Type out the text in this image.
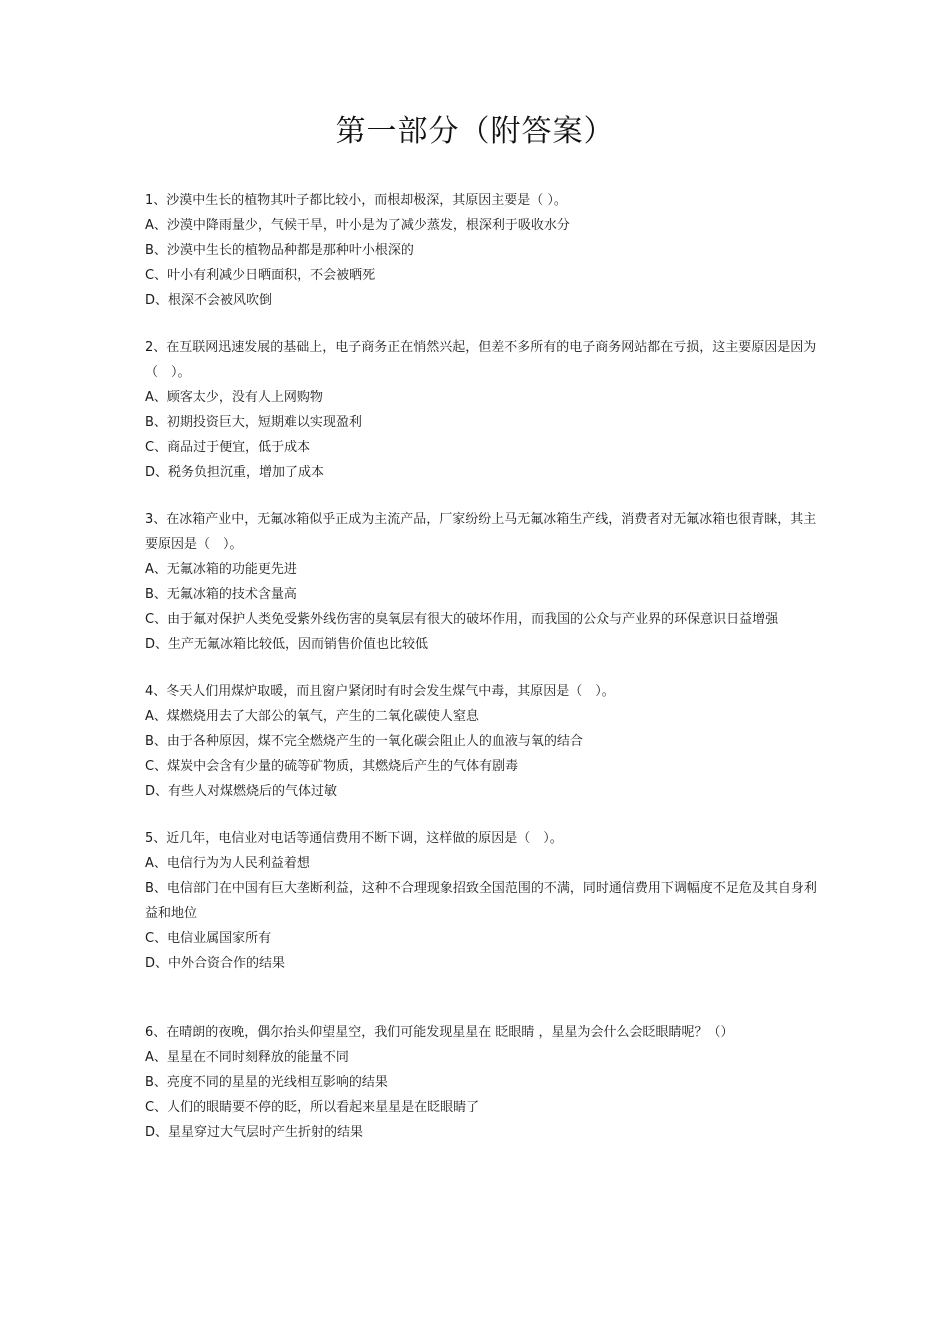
第一部分（附答案）

1、沙漠中生长的植物其叶子都比较小，而根却极深，其原因主要是（ ）。

A、沙漠中降雨量少，气候干旱，叶小是为了减少蒸发，根深利于吸收水分

B、沙漠中生长的植物品种都是那种叶小根深的

C、叶小有利减少日晒面积，不会被晒死

D、根深不会被风吹倒

2、在互联网迅速发展的基础上，电子商务正在悄然兴起，但差不多所有的电子商务网站都在亏损，这主要原因是因为（　）。

A、顾客太少，没有人上网购物

B、初期投资巨大，短期难以实现盈利

C、商品过于便宜，低于成本

D、税务负担沉重，增加了成本

3、在冰箱产业中，无氟冰箱似乎正成为主流产品，厂家纷纷上马无氟冰箱生产线，消费者对无氟冰箱也很青睐，其主要原因是（　）。

A、无氟冰箱的功能更先进

B、无氟冰箱的技术含量高

C、由于氟对保护人类免受紫外线伤害的臭氧层有很大的破坏作用，而我国的公众与产业界的环保意识日益增强

D、生产无氟冰箱比较低，因而销售价值也比较低

4、冬天人们用煤炉取暖，而且窗户紧闭时有时会发生煤气中毒，其原因是（　）。

A、煤燃烧用去了大部公的氧气，产生的二氧化碳使人窒息

B、由于各种原因，煤不完全燃烧产生的一氧化碳会阻止人的血液与氧的结合

C、煤炭中会含有少量的硫等矿物质，其燃烧后产生的气体有剧毒

D、有些人对煤燃烧后的气体过敏

5、近几年，电信业对电话等通信费用不断下调，这样做的原因是（　）。

A、电信行为为人民利益着想

B、电信部门在中国有巨大垄断利益，这种不合理现象招致全国范围的不满，同时通信费用下调幅度不足危及其自身利益和地位

C、电信业属国家所有

D、中外合资合作的结果

6、在晴朗的夜晚，偶尔抬头仰望星空，我们可能发现星星在 眨眼睛 ，星星为会什么会眨眼睛呢？（）

A、星星在不同时刻释放的能量不同

B、亮度不同的星星的光线相互影响的结果

C、人们的眼睛要不停的眨，所以看起来星星是在眨眼睛了

D、星星穿过大气层时产生折射的结果
